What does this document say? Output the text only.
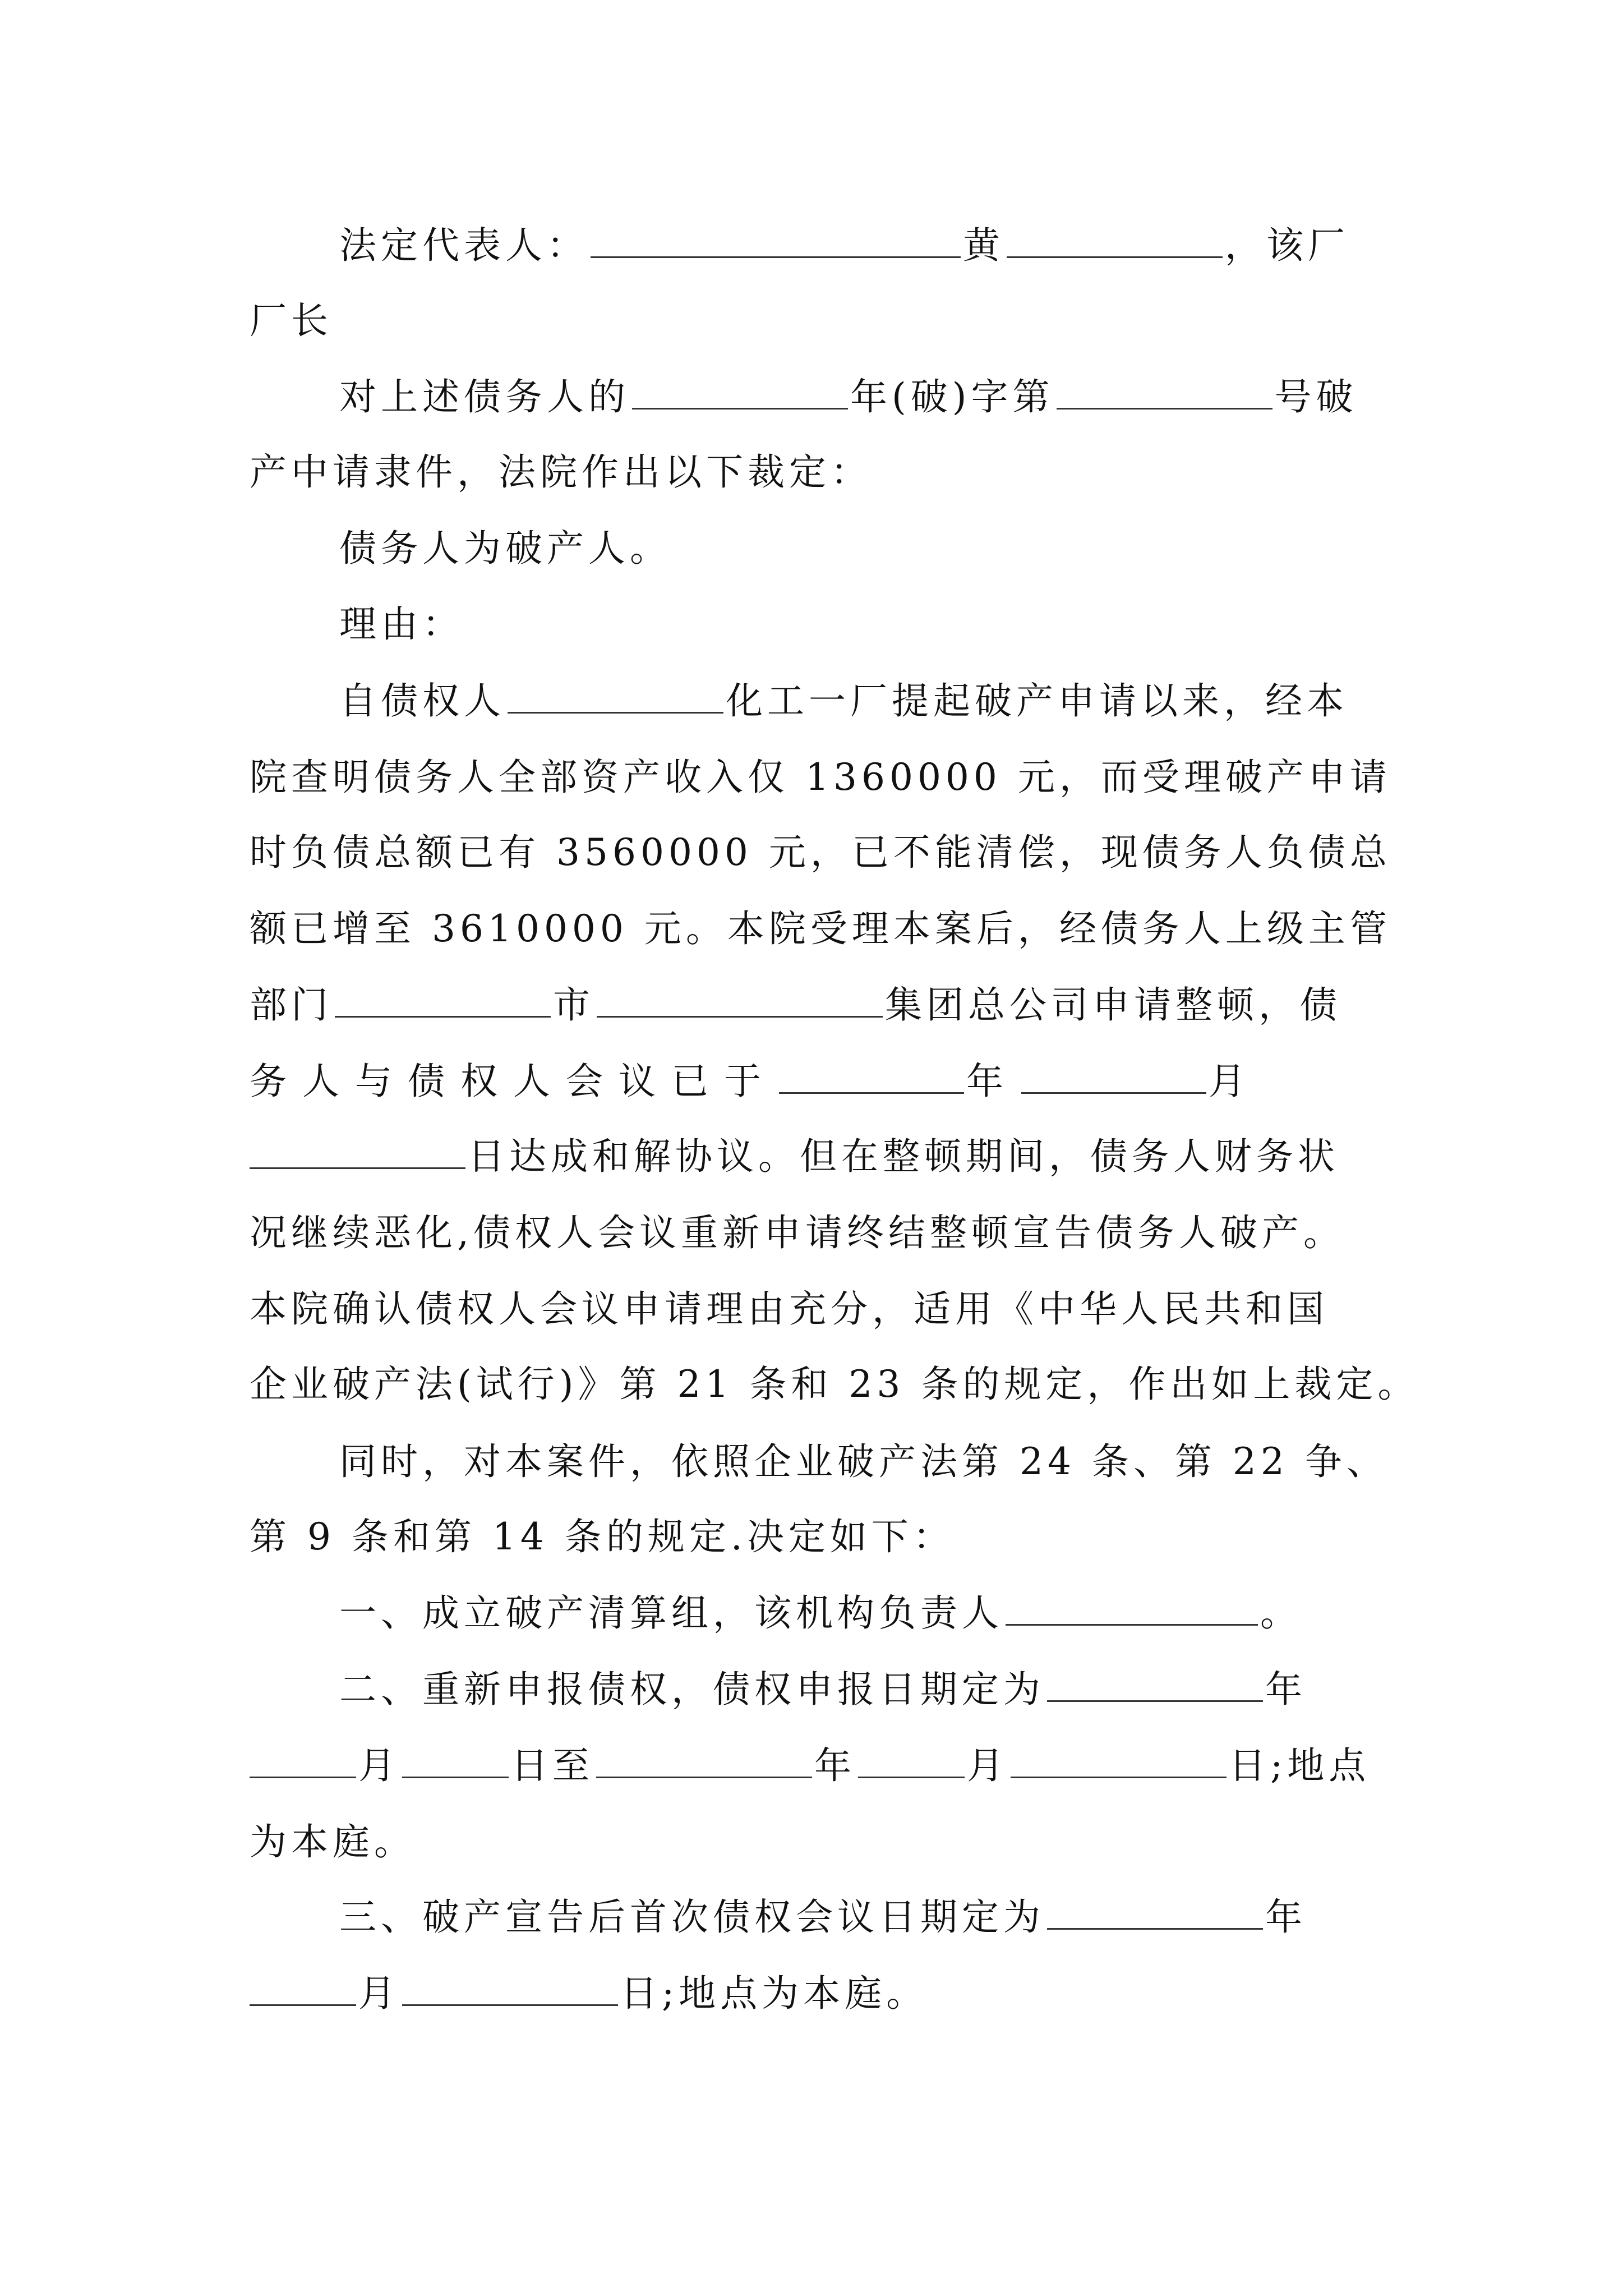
法定代表人：	黄	，该厂
厂长
对上述债务人的	年(破)字第	号破
产中请隶件，法院作出以下裁定：
债务人为破产人。
理由：
自债权人	化工一厂提起破产申请以来，经本
院查明债务人全部资产收入仅 1360000 元，而受理破产申请
时负债总额已有 3560000 元，已不能清偿，现债务人负债总
额已增至 3610000 元。本院受理本案后，经债务人上级主管
部门	市	集团总公司申请整顿，债
务人与债权人会议已于	年	月
日达成和解协议。但在整顿期间，债务人财务状
况继续恶化,债权人会议重新申请终结整顿宣告债务人破产。
本院确认债权人会议申请理由充分，适用《中华人民共和国
企业破产法(试行)》第 21 条和 23 条的规定，作出如上裁定。
同时，对本案件，依照企业破产法第 24 条、第 22 争、
第 9 条和第 14 条的规定.决定如下：
一、成立破产清算组，该机构负责人	。
二、重新申报债权，债权申报日期定为	年
月	日至	年	月	日;地点
为本庭。
三、破产宣告后首次债权会议日期定为	年
月	日;地点为本庭。
